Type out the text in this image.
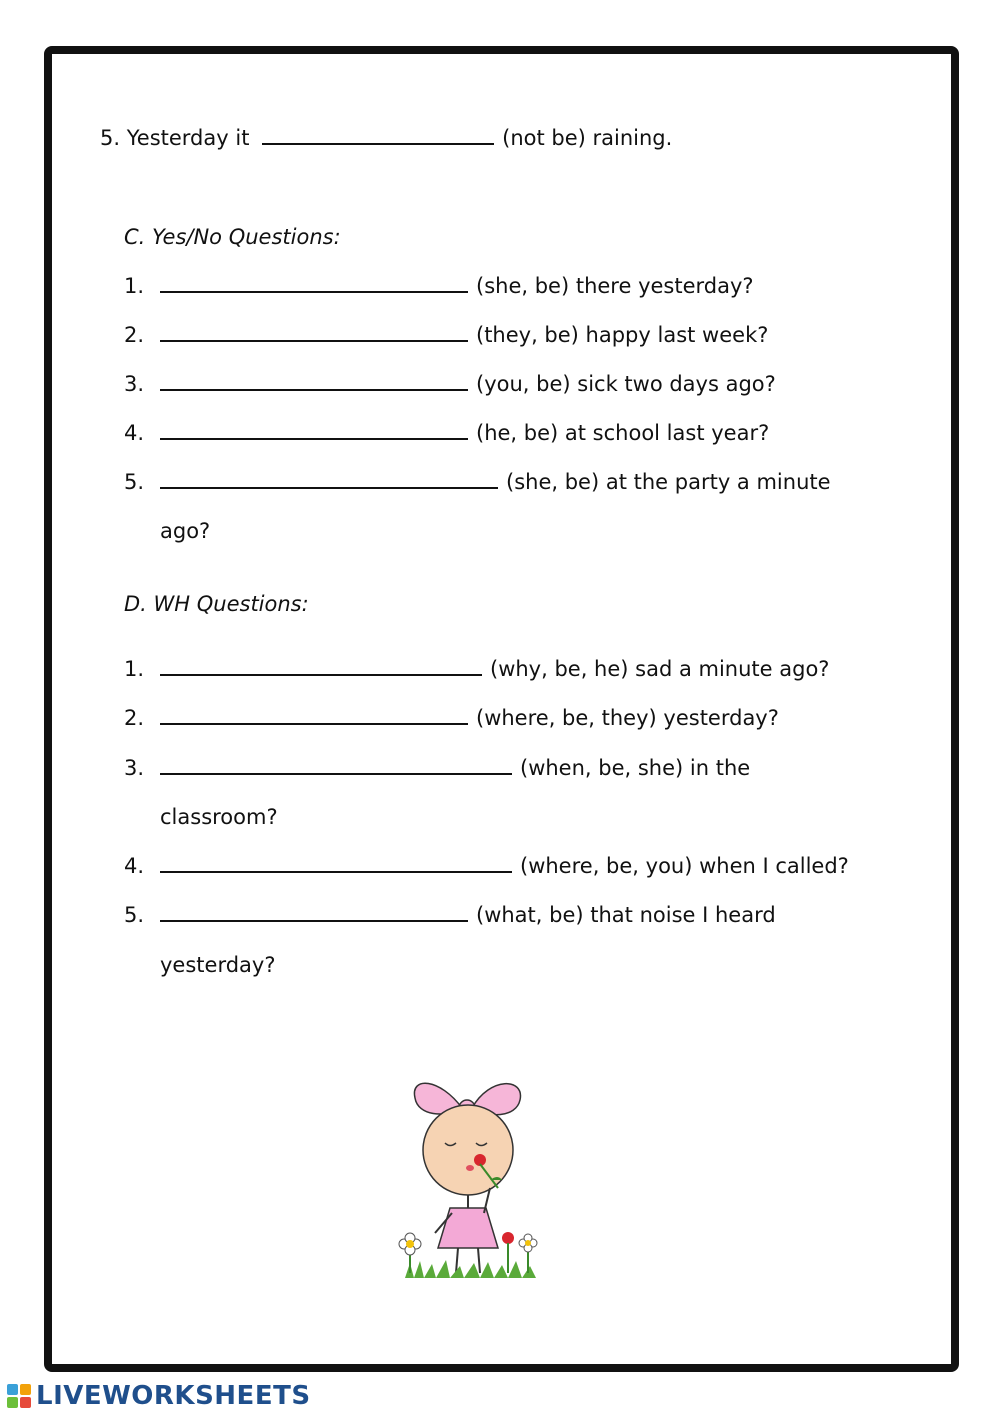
5. Yesterday it	(not be) raining.
C. Yes/No Questions:
1.	(she, be) there yesterday?
2.	(they, be) happy last week?
3.	(you, be) sick two days ago?
4.	(he, be) at school last year?
5.	(she, be) at the party a minute
ago?
D. WH Questions:
1.	(why, be, he) sad a minute ago?
2.	(where, be, they) yesterday?
3.	(when, be, she) in the
classroom?
4.	(where, be, you) when I called?
5.	(what, be) that noise I heard
yesterday?
LIVEWORKSHEETS
